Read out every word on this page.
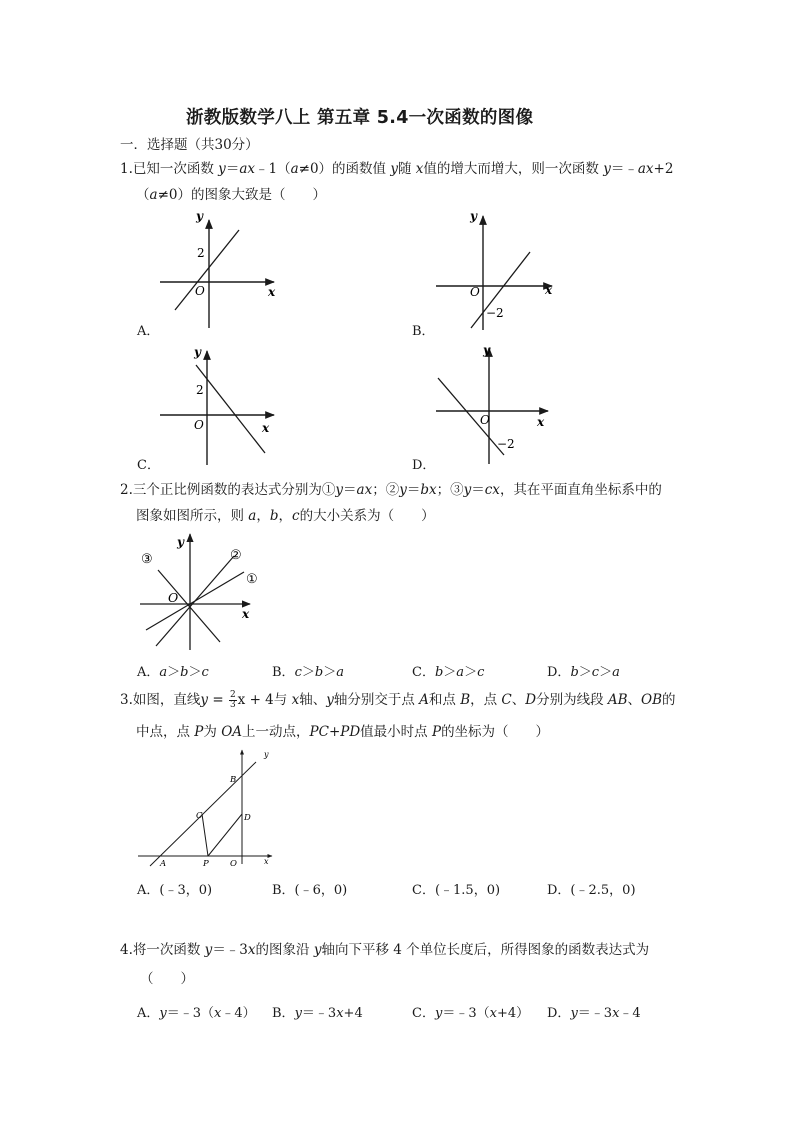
浙教版数学八上 第五章 5.4一次函数的图像
一．选择题（共30分）
1.已知一次函数 y＝ax﹣1（a≠0）的函数值 y随 x值的增大而增大，则一次函数 y＝﹣ax+2
（a≠0）的图象大致是（　　）
y
x
O
2
A．
y
x
O
−2
B．
y
x
O
2
C．
y
x
O
−2
D．
2.三个正比例函数的表达式分别为①y＝ax；②y＝bx；③y＝cx，其在平面直角坐标系中的
图象如图所示，则 a，b，c的大小关系为（　　）
y
x
O
①
②
③
A．a＞b＞c	B．c＞b＞a	C．b＞a＞c	D．b＞c＞a
3.如图，直线$y = \frac{2}{3}$ x + 4与 x轴、y轴分别交于点 A和点 B，点 C、D分别为线段 AB、OB的
中点，点 P为 OA上一动点，PC+PD值最小时点 P的坐标为（　　）
y
x
O
A
B
C	D
P
A．(﹣3，0)	B．(﹣6，0)	C．(﹣1.5，0)	D．(﹣2.5，0)
4.将一次函数 y＝﹣3x的图象沿 y轴向下平移 4 个单位长度后，所得图象的函数表达式为
（　　）
A．y＝﹣3（x﹣4） B．y＝﹣3x+4	C．y＝﹣3（x+4） D．y＝﹣3x﹣4
